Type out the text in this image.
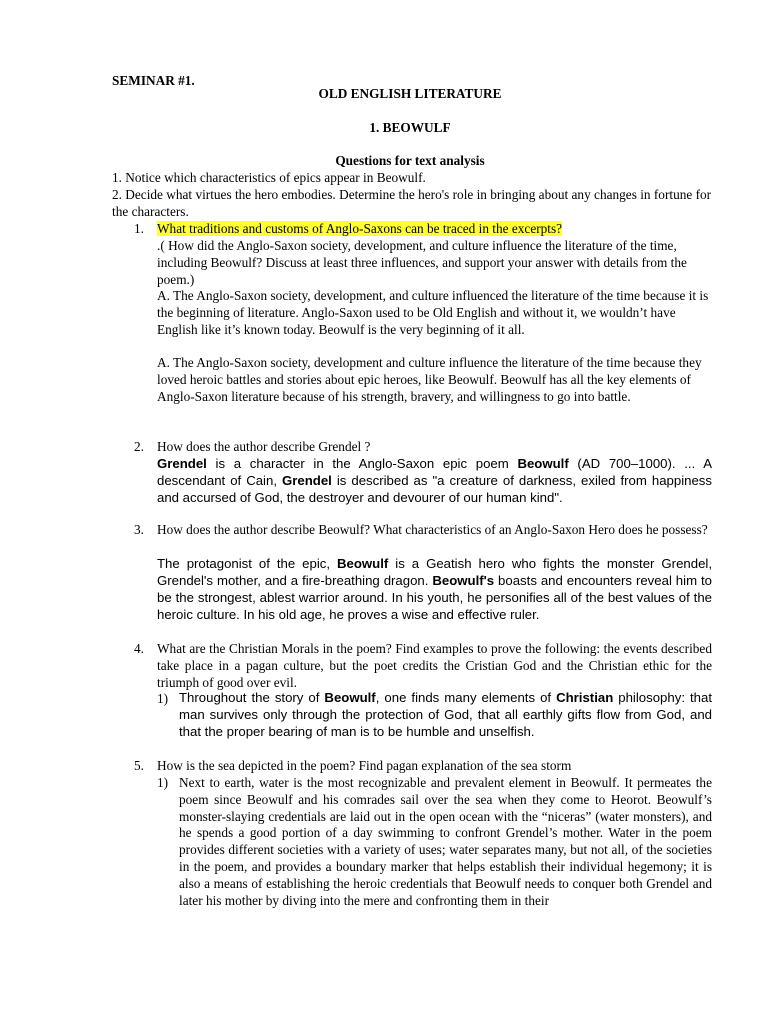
SEMINAR #1.
OLD ENGLISH LITERATURE
1. BEOWULF
Questions for text analysis
1. Notice which characteristics of epics appear in Beowulf.
2. Decide what virtues the hero embodies. Determine the hero's role in bringing about any changes in fortune for the characters.
1. What traditions and customs of Anglo-Saxons can be traced in the excerpts?
.( How did the Anglo-Saxon society, development, and culture influence the literature of the time, including Beowulf? Discuss at least three influences, and support your answer with details from the poem.)
A. The Anglo-Saxon society, development, and culture influenced the literature of the time because it is the beginning of literature. Anglo-Saxon used to be Old English and without it, we wouldn’t have English like it’s known today. Beowulf is the very beginning of it all.
A. The Anglo-Saxon society, development and culture influence the literature of the time because they loved heroic battles and stories about epic heroes, like Beowulf. Beowulf has all the key elements of Anglo-Saxon literature because of his strength, bravery, and willingness to go into battle.
2. How does the author describe Grendel ?
Grendel is a character in the Anglo-Saxon epic poem Beowulf (AD 700–1000). ... A descendant of Cain, Grendel is described as "a creature of darkness, exiled from happiness and accursed of God, the destroyer and devourer of our human kind".
3. How does the author describe Beowulf? What characteristics of an Anglo-Saxon Hero does he possess?
The protagonist of the epic, Beowulf is a Geatish hero who fights the monster Grendel, Grendel's mother, and a fire-breathing dragon. Beowulf's boasts and encounters reveal him to be the strongest, ablest warrior around. In his youth, he personifies all of the best values of the heroic culture. In his old age, he proves a wise and effective ruler.
4. What are the Christian Morals in the poem? Find examples to prove the following: the events described take place in a pagan culture, but the poet credits the Cristian God and the Christian ethic for the triumph of good over evil.
1) Throughout the story of Beowulf, one finds many elements of Christian philosophy: that man survives only through the protection of God, that all earthly gifts flow from God, and that the proper bearing of man is to be humble and unselfish.
5. How is the sea depicted in the poem? Find pagan explanation of the sea storm
1) Next to earth, water is the most recognizable and prevalent element in Beowulf. It permeates the poem since Beowulf and his comrades sail over the sea when they come to Heorot. Beowulf’s monster-slaying credentials are laid out in the open ocean with the “niceras” (water monsters), and he spends a good portion of a day swimming to confront Grendel’s mother. Water in the poem provides different societies with a variety of uses; water separates many, but not all, of the societies in the poem, and provides a boundary marker that helps establish their individual hegemony; it is also a means of establishing the heroic credentials that Beowulf needs to conquer both Grendel and later his mother by diving into the mere and confronting them in their
